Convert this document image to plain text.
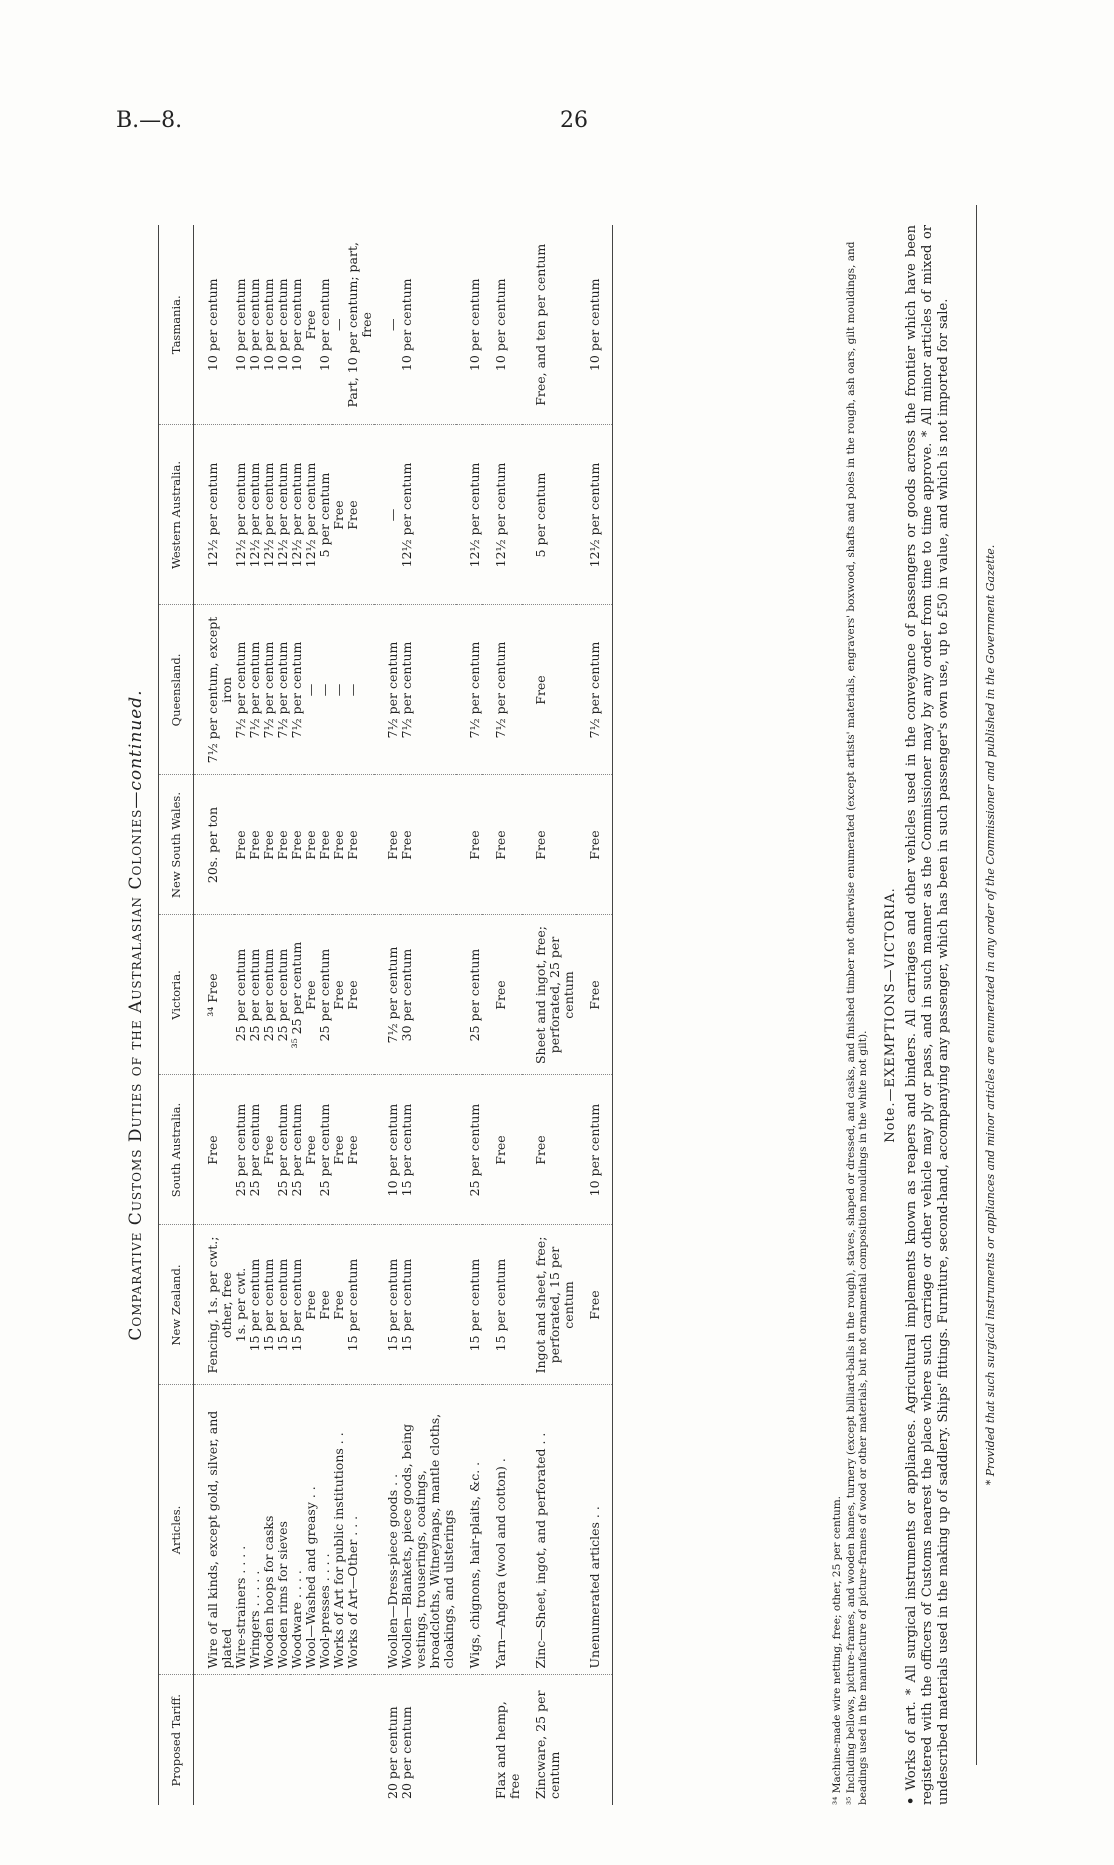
B.—8.	26
Comparative Customs Duties of the Australasian Colonies—continued.
Proposed Tariff.	Articles.	New Zealand.	South Australia.	Victoria.	New South Wales.	Queensland.	Western Australia.	Tasmania.
	Wire of all kinds, except gold, silver, and plated	Fencing, 1s. per cwt.; other, free	Free	³⁴ Free	20s. per ton	7½ per centum, except iron	12½ per centum	10 per centum
	Wire-strainers . . . .	1s. per cwt.	25 per centum	25 per centum	Free	7½ per centum	12½ per centum	10 per centum
	Wringers . . . . .	15 per centum	25 per centum	25 per centum	Free	7½ per centum	12½ per centum	10 per centum
	Wooden hoops for casks	15 per centum	Free	25 per centum	Free	7½ per centum	12½ per centum	10 per centum
	Wooden rims for sieves	15 per centum	25 per centum	25 per centum	Free	7½ per centum	12½ per centum	10 per centum
	Woodware . . . .	15 per centum	25 per centum	³⁵ 25 per centum	Free	7½ per centum	12½ per centum	10 per centum
	Wool—Washed and greasy . .	Free	Free	Free	Free	—	12½ per centum	Free
	Wool-presses . . . .	Free	25 per centum	25 per centum	Free	—	5 per centum	10 per centum
	Works of Art for public institutions . .	Free	Free	Free	Free	—	Free	—
	Works of Art—Other . . .	15 per centum	Free	Free	Free	—	Free	Part, 10 per centum; part, free
20 per centum	Woollen—Dress-piece goods . .	15 per centum	10 per centum	7½ per centum	Free	7½ per centum	—	—
20 per centum	Woollen—Blankets, piece goods, being vestings, trouserings, coatings, broadcloths, Witneynaps, mantle cloths, cloakings, and ulsterings	15 per centum	15 per centum	30 per centum	Free	7½ per centum	12½ per centum	10 per centum
	Wigs, chignons, hair-plaits, &c. .	15 per centum	25 per centum	25 per centum	Free	7½ per centum	12½ per centum	10 per centum
Flax and hemp, free	Yarn—Angora (wool and cotton) .	15 per centum	Free	Free	Free	7½ per centum	12½ per centum	10 per centum
Zincware, 25 per centum	Zinc—Sheet, ingot, and perforated . .	Ingot and sheet, free; perforated, 15 per centum	Free	Sheet and ingot, free; perforated, 25 per centum	Free	Free	5 per centum	Free, and ten per centum
	Unenumerated articles . .	Free	10 per centum	Free	Free	7½ per centum	12½ per centum	10 per centum
³⁴ Machine-made wire netting, free; other, 25 per centum. ³⁵ Including bellows, picture-frames, and wooden hames, turnery (except billiard-balls in the rough), staves, shaped or dressed, and casks, and finished timber not otherwise enumerated (except artists' materials, engravers' boxwood, shafts and poles in the rough, ash oars, gilt mouldings, and beadings used in the manufacture of picture-frames of wood or other materials, but not ornamental composition mouldings in the white not gilt).
Note.—EXEMPTIONS—VICTORIA.
• Works of art. * All surgical instruments or appliances. Agricultural implements known as reapers and binders. All carriages and other vehicles used in the conveyance of passengers or goods across the frontier which have been registered with the officers of Customs nearest the place where such carriage or other vehicle may ply or pass, and in such manner as the Commissioner may by any order from time to time approve. * All minor articles of mixed or undescribed materials used in the making up of saddlery. Ships' fittings. Furniture, second-hand, accompanying any passenger, which has been in such passenger's own use, up to £50 in value, and which is not imported for sale.	* Provided that such surgical instruments or appliances and minor articles are enumerated in any order of the Commissioner and published in the Government Gazette.
